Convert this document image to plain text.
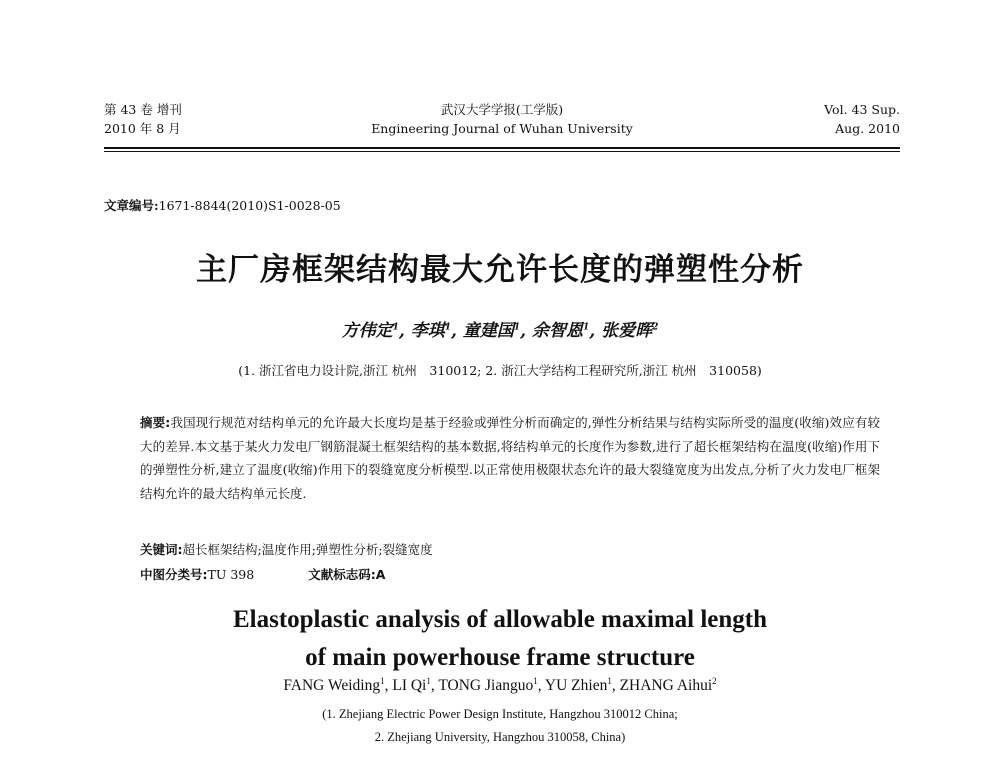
第 43 卷 增刊
2010 年 8 月
武汉大学学报(工学版)
Engineering Journal of Wuhan University
Vol. 43 Sup.
Aug. 2010
文章编号:1671-8844(2010)S1-0028-05
主厂房框架结构最大允许长度的弹塑性分析
方伟定$^1$, 李琪$^1$, 童建国$^1$, 余智恩$^1$, 张爱晖$^2$
(1. 浙江省电力设计院,浙江 杭州　310012; 2. 浙江大学结构工程研究所,浙江 杭州　310058)
摘要:我国现行规范对结构单元的允许最大长度均是基于经验或弹性分析而确定的,弹性分析结果与结构实际所受的温度(收缩)效应有较大的差异.本文基于某火力发电厂钢筋混凝土框架结构的基本数据,将结构单元的长度作为参数,进行了超长框架结构在温度(收缩)作用下的弹塑性分析,建立了温度(收缩)作用下的裂缝宽度分析模型.以正常使用极限状态允许的最大裂缝宽度为出发点,分析了火力发电厂框架结构允许的最大结构单元长度.
关键词:超长框架结构;温度作用;弹塑性分析;裂缝宽度
中图分类号:TU 398	文献标志码:A
Elastoplastic analysis of allowable maximal length
of main powerhouse frame structure
FANG Weiding$^1$, LI Qi$^1$, TONG Jianguo$^1$, YU Zhien$^1$, ZHANG Aihui$^2$
(1. Zhejiang Electric Power Design Institute, Hangzhou 310012 China;
2. Zhejiang University, Hangzhou 310058, China)
